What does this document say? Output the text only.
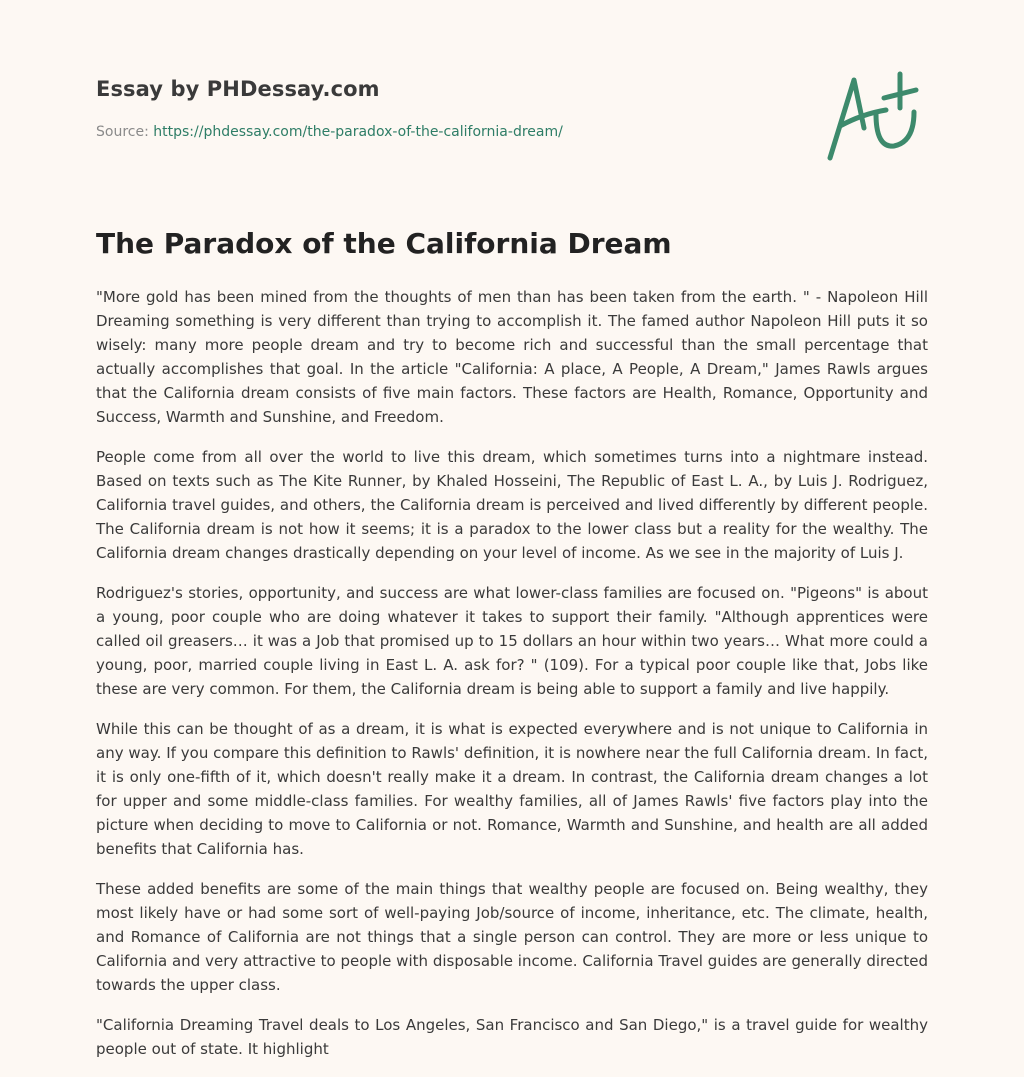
Essay by PHDessay.com
Source: https://phdessay.com/the-paradox-of-the-california-dream/
The Paradox of the California Dream

"More gold has been mined from the thoughts of men than has been taken from the earth. " - Napoleon Hill Dreaming something is very different than trying to accomplish it. The famed author Napoleon Hill puts it so wisely: many more people dream and try to become rich and successful than the small percentage that actually accomplishes that goal. In the article "California: A place, A People, A Dream," James Rawls argues that the California dream consists of five main factors. These factors are Health, Romance, Opportunity and Success, Warmth and Sunshine, and Freedom.

People come from all over the world to live this dream, which sometimes turns into a nightmare instead. Based on texts such as The Kite Runner, by Khaled Hosseini, The Republic of East L. A., by Luis J. Rodriguez, California travel guides, and others, the California dream is perceived and lived differently by different people. The California dream is not how it seems; it is a paradox to the lower class but a reality for the wealthy. The California dream changes drastically depending on your level of income. As we see in the majority of Luis J.

Rodriguez's stories, opportunity, and success are what lower-class families are focused on. "Pigeons" is about a young, poor couple who are doing whatever it takes to support their family. "Although apprentices were called oil greasers… it was a Job that promised up to 15 dollars an hour within two years… What more could a young, poor, married couple living in East L. A. ask for? " (109). For a typical poor couple like that, Jobs like these are very common. For them, the California dream is being able to support a family and live happily.

While this can be thought of as a dream, it is what is expected everywhere and is not unique to California in any way. If you compare this definition to Rawls' definition, it is nowhere near the full California dream. In fact, it is only one-fifth of it, which doesn't really make it a dream. In contrast, the California dream changes a lot for upper and some middle-class families. For wealthy families, all of James Rawls' five factors play into the picture when deciding to move to California or not. Romance, Warmth and Sunshine, and health are all added benefits that California has.

These added benefits are some of the main things that wealthy people are focused on. Being wealthy, they most likely have or had some sort of well-paying Job/source of income, inheritance, etc. The climate, health, and Romance of California are not things that a single person can control. They are more or less unique to California and very attractive to people with disposable income. California Travel guides are generally directed towards the upper class.

"California Dreaming Travel deals to Los Angeles, San Francisco and San Diego," is a travel guide for wealthy people out of state. It highlight
